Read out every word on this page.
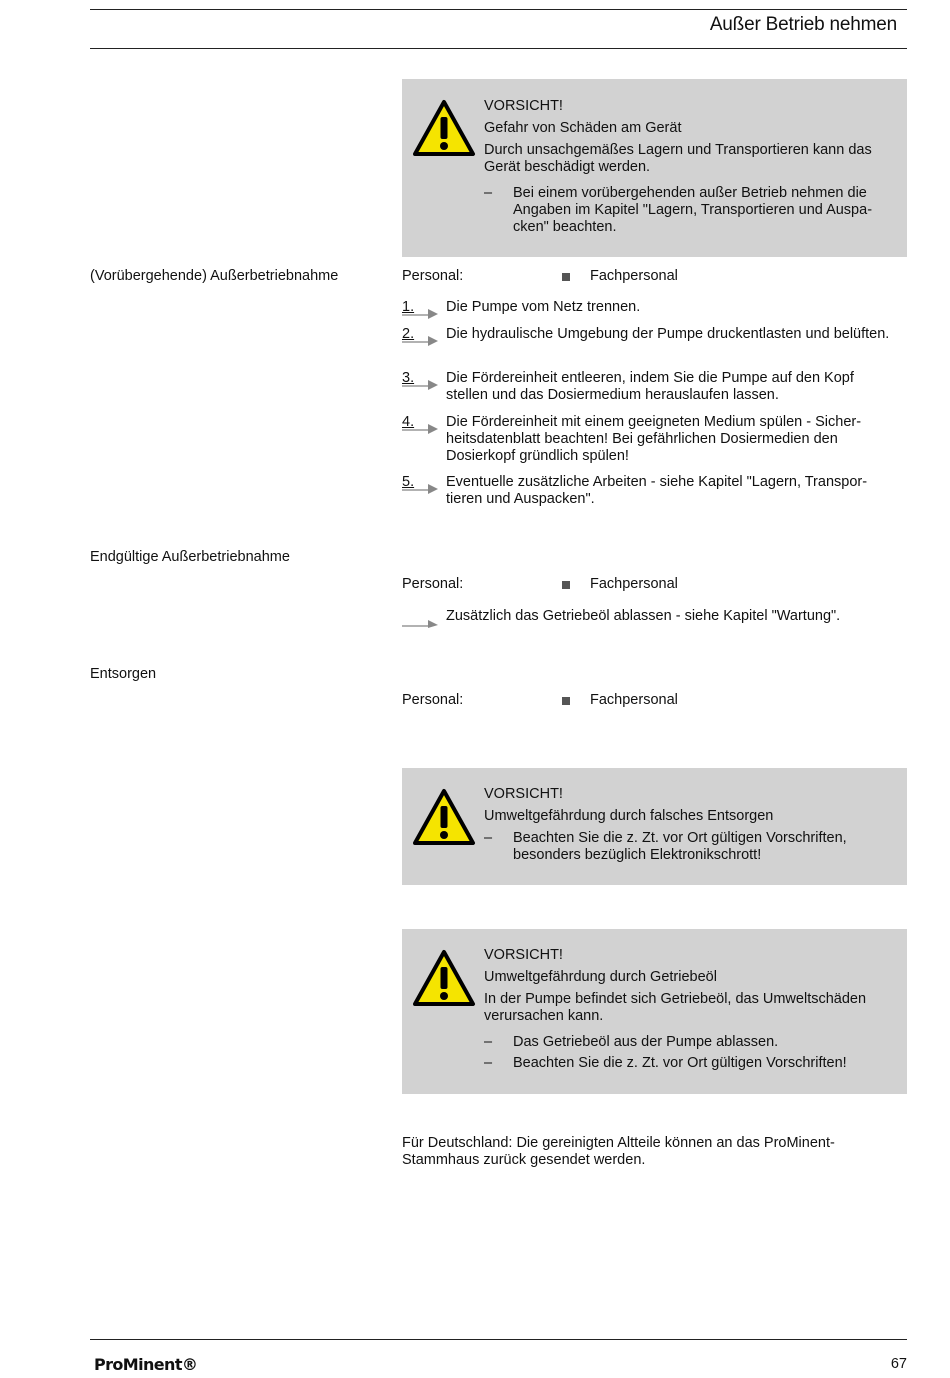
Außer Betrieb nehmen

VORSICHT!

Gefahr von Schäden am Gerät

Durch unsachgemäßes Lagern und Transportieren kann das Gerät beschädigt werden.

– Bei einem vorübergehenden außer Betrieb nehmen die Angaben im Kapitel "Lagern, Transportieren und Auspa-cken" beachten.
(Vorübergehende) Außerbetriebnahme	Personal:	Fachpersonal
1. Die Pumpe vom Netz trennen.
2. Die hydraulische Umgebung der Pumpe druckentlasten und belüften.
3. Die Fördereinheit entleeren, indem Sie die Pumpe auf den Kopf stellen und das Dosiermedium herauslaufen lassen.
4. Die Fördereinheit mit einem geeigneten Medium spülen - Sicher-heitsdatenblatt beachten! Bei gefährlichen Dosiermedien den Dosierkopf gründlich spülen!
5. Eventuelle zusätzliche Arbeiten - siehe Kapitel "Lagern, Transpor-tieren und Auspacken".
Endgültige Außerbetriebnahme
Personal:	Fachpersonal
Zusätzlich das Getriebeöl ablassen - siehe Kapitel "Wartung".
Entsorgen
Personal:	Fachpersonal

VORSICHT!

Umweltgefährdung durch falsches Entsorgen

– Beachten Sie die z. Zt. vor Ort gültigen Vorschriften, besonders bezüglich Elektronikschrott!

VORSICHT!

Umweltgefährdung durch Getriebeöl

In der Pumpe befindet sich Getriebeöl, das Umweltschäden verursachen kann.

– Das Getriebeöl aus der Pumpe ablassen.
– Beachten Sie die z. Zt. vor Ort gültigen Vorschriften!
Für Deutschland: Die gereinigten Altteile können an das ProMinent-Stammhaus zurück gesendet werden.
ProMinent®	67
